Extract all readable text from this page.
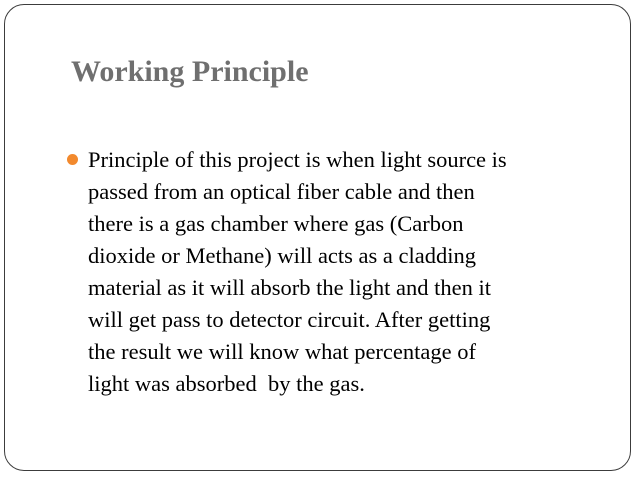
Working Principle
Principle of this project is when light source is
passed from an optical fiber cable and then
there is a gas chamber where gas (Carbon
dioxide or Methane) will acts as a cladding
material as it will absorb the light and then it
will get pass to detector circuit. After getting
the result we will know what percentage of
light was absorbed  by the gas.
